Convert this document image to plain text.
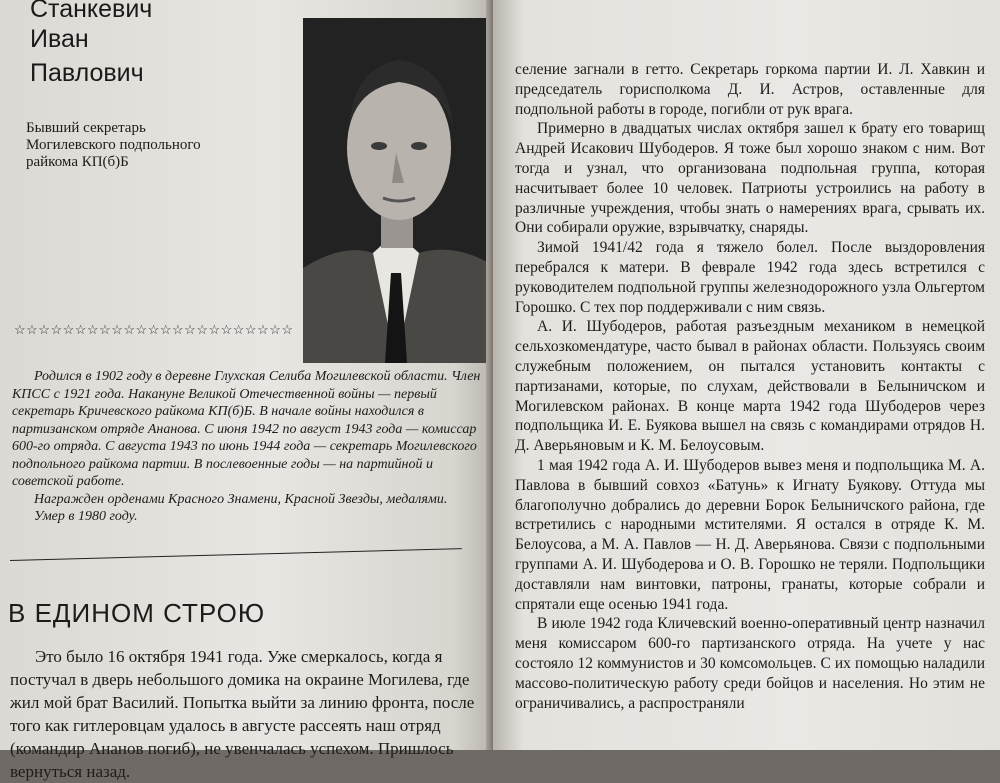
Станкевич
Иван
Павлович
Бывший секретарь
Могилевского подпольного
райкома КП(б)Б
☆☆☆☆☆☆☆☆☆☆☆☆☆☆☆☆☆☆☆☆☆☆☆

Родился в 1902 году в деревне Глухская Селиба Могилевской области. Член КПСС с 1921 года. Накануне Великой Отечественной войны — первый секретарь Кричевского райкома КП(б)Б. В начале войны находился в партизанском отряде Ананова. С июня 1942 по август 1943 года — комиссар 600-го отряда. С августа 1943 по июнь 1944 года — секретарь Могилевского подпольного райкома партии. В послевоенные годы — на партийной и советской работе.

Награжден орденами Красного Знамени, Красной Звезды, медалями.

Умер в 1980 году.

В ЕДИНОМ СТРОЮ

Это было 16 октября 1941 года. Уже смеркалось, когда я постучал в дверь небольшого домика на окраине Могилева, где жил мой брат Василий. Попытка выйти за линию фронта, после того как гитлеровцам удалось в августе рассеять наш отряд (командир Ананов погиб), не увенчалась успехом. Пришлось вернуться назад.

селение загнали в гетто. Секретарь горкома партии И. Л. Хавкин и председатель горисполкома Д. И. Астров, оставленные для подпольной работы в городе, погибли от рук врага.

Примерно в двадцатых числах октября зашел к брату его товарищ Андрей Исакович Шубодеров. Я тоже был хорошо знаком с ним. Вот тогда и узнал, что организована подпольная группа, которая насчитывает более 10 человек. Патриоты устроились на работу в различные учреждения, чтобы знать о намерениях врага, срывать их. Они собирали оружие, взрывчатку, снаряды.

Зимой 1941/42 года я тяжело болел. После выздоровления перебрался к матери. В феврале 1942 года здесь встретился с руководителем подпольной группы железнодорожного узла Ольгертом Горошко. С тех пор поддерживали с ним связь.

А. И. Шубодеров, работая разъездным механиком в немецкой сельхозкомендатуре, часто бывал в районах области. Пользуясь своим служебным положением, он пытался установить контакты с партизанами, которые, по слухам, действовали в Белыничском и Могилевском районах. В конце марта 1942 года Шубодеров через подпольщика И. Е. Буякова вышел на связь с командирами отрядов Н. Д. Аверьяновым и К. М. Белоусовым.

1 мая 1942 года А. И. Шубодеров вывез меня и подпольщика М. А. Павлова в бывший совхоз «Батунь» к Игнату Буякову. Оттуда мы благополучно добрались до деревни Борок Белыничского района, где встретились с народными мстителями. Я остался в отряде К. М. Белоусова, а М. А. Павлов — Н. Д. Аверьянова. Связи с подпольными группами А. И. Шубодерова и О. В. Горошко не теряли. Подпольщики доставляли нам винтовки, патроны, гранаты, которые собрали и спрятали еще осенью 1941 года.

В июле 1942 года Кличевский военно-оперативный центр назначил меня комиссаром 600-го партизанского отряда. На учете у нас состояло 12 коммунистов и 30 комсомольцев. С их помощью наладили массово-политическую работу среди бойцов и населения. Но этим не ограничивались, а распространяли
